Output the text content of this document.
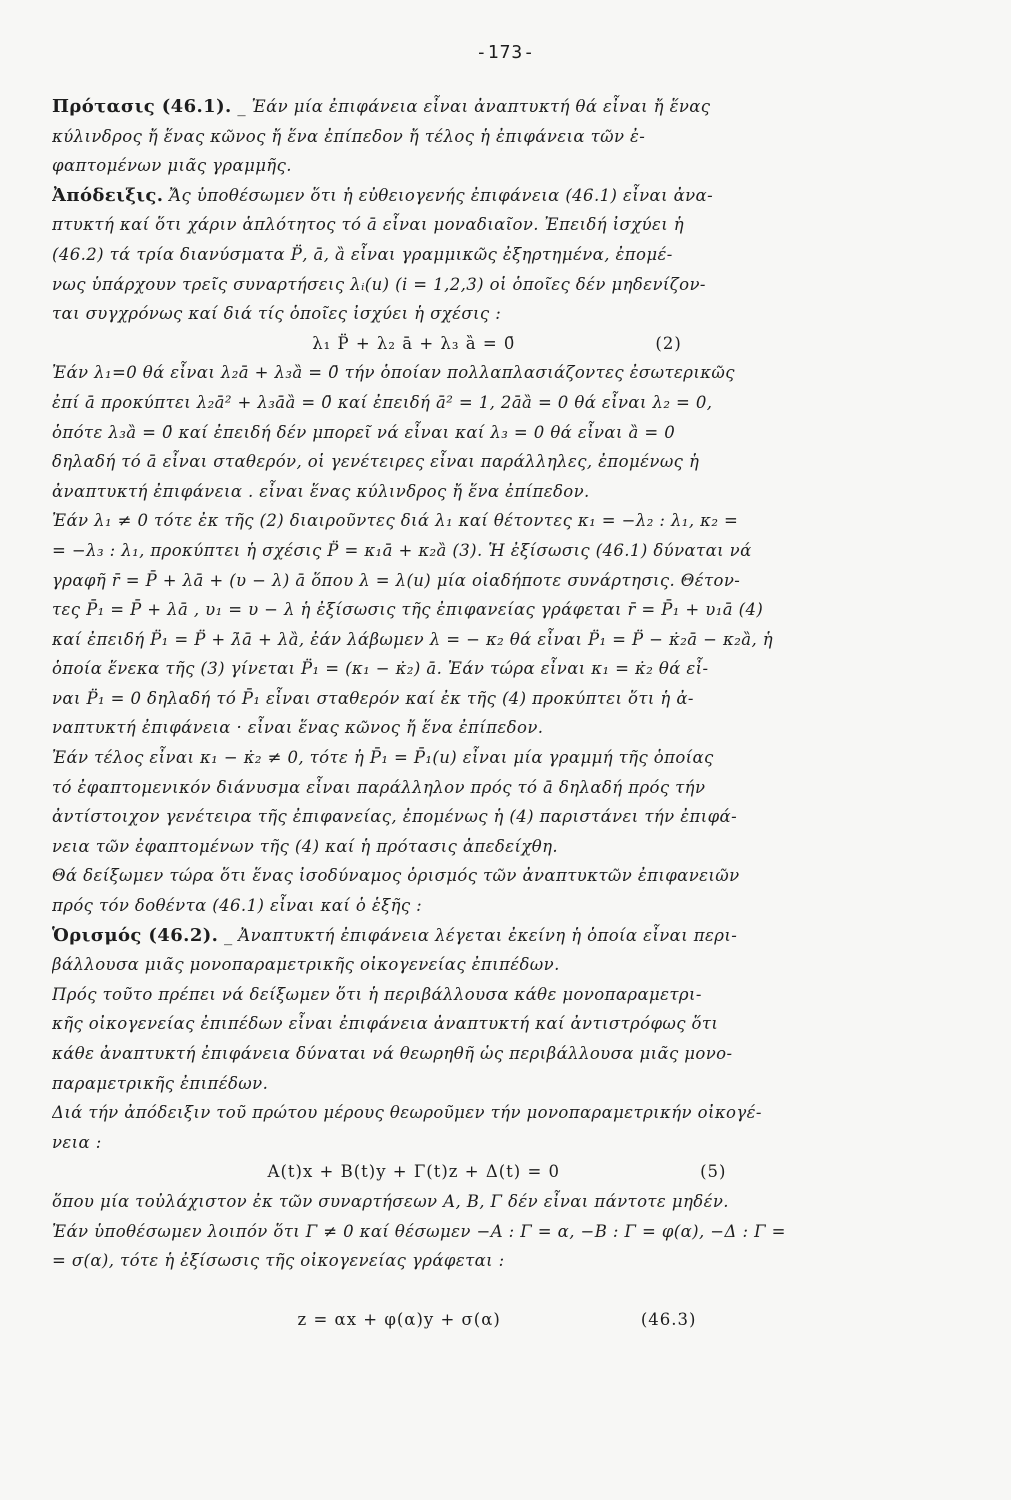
-173-
Πρότασις (46.1). _ Ἐάν μία ἐπιφάνεια εἶναι ἀναπτυκτή θά εἶναι ἤ ἕνας
κύλινδρος ἤ ἕνας κῶνος ἤ ἕνα ἐπίπεδον ἤ τέλος ἡ ἐπιφάνεια τῶν ἐ-
φαπτομένων μιᾶς γραμμῆς.
Ἀπόδειξις. Ἄς ὑποθέσωμεν ὅτι ἡ εὐθειογενής ἐπιφάνεια (46.1) εἶναι ἀνα-
πτυκτή καί ὅτι χάριν ἁπλότητος τό ā εἶναι μοναδιαῖον. Ἐπειδή ἰσχύει ἡ
(46.2) τά τρία διανύσματα P̈, ā, ȁ εἶναι γραμμικῶς ἐξηρτημένα, ἐπομέ-
νως ὑπάρχουν τρεῖς συναρτήσεις λᵢ(u) (i = 1,2,3) οἱ ὁποῖες δέν μηδενίζον-
ται συγχρόνως καί διά τίς ὁποῖες ἰσχύει ἡ σχέσις :
λ₁ P̈ + λ₂ ā + λ₃ ȁ = 0̄	(2)
Ἐάν λ₁=0 θά εἶναι λ₂ā + λ₃ȁ = 0̄ τήν ὁποίαν πολλαπλασιάζοντες ἐσωτερικῶς
ἐπί ā προκύπτει λ₂ā² + λ₃āȁ = 0̄ καί ἐπειδή ā² = 1, 2āȁ = 0 θά εἶναι λ₂ = 0,
ὁπότε λ₃ȁ = 0̄ καί ἐπειδή δέν μπορεῖ νά εἶναι καί λ₃ = 0 θά εἶναι ȁ = 0
δηλαδή τό ā εἶναι σταθερόν, οἱ γενέτειρες εἶναι παράλληλες, ἐπομένως ἡ
ἀναπτυκτή ἐπιφάνεια . εἶναι ἕνας κύλινδρος ἤ ἕνα ἐπίπεδον.
Ἐάν λ₁ ≠ 0 τότε ἐκ τῆς (2) διαιροῦντες διά λ₁ καί θέτοντες κ₁ = −λ₂ : λ₁, κ₂ =
= −λ₃ : λ₁, προκύπτει ἡ σχέσις P̈ = κ₁ā + κ₂ȁ (3). Ἡ ἐξίσωσις (46.1) δύναται νά
γραφῆ r̄ = P̄ + λā + (υ − λ) ā ὅπου λ = λ(u) μία οἱαδήποτε συνάρτησις. Θέτον-
τες P̄₁ = P̄ + λā , υ₁ = υ − λ ἡ ἐξίσωσις τῆς ἐπιφανείας γράφεται r̄ = P̄₁ + υ₁ā (4)
καί ἐπειδή P̈₁ = P̈ + λ̇ā + λȁ, ἐάν λάβωμεν λ = − κ₂ θά εἶναι P̈₁ = P̈ − κ̇₂ā − κ₂ȁ, ἡ
ὁποία ἕνεκα τῆς (3) γίνεται P̈₁ = (κ₁ − κ̇₂) ā. Ἐάν τώρα εἶναι κ₁ = κ̇₂ θά εἶ-
ναι P̈₁ = 0 δηλαδή τό P̄₁ εἶναι σταθερόν καί ἐκ τῆς (4) προκύπτει ὅτι ἡ ἀ-
ναπτυκτή ἐπιφάνεια · εἶναι ἕνας κῶνος ἤ ἕνα ἐπίπεδον.
Ἐάν τέλος εἶναι κ₁ − κ̇₂ ≠ 0, τότε ἡ P̄₁ = P̄₁(u) εἶναι μία γραμμή τῆς ὁποίας
τό ἐφαπτομενικόν διάνυσμα εἶναι παράλληλον πρός τό ā δηλαδή πρός τήν
ἀντίστοιχον γενέτειρα τῆς ἐπιφανείας, ἐπομένως ἡ (4) παριστάνει τήν ἐπιφά-
νεια τῶν ἐφαπτομένων τῆς (4) καί ἡ πρότασις ἀπεδείχθη.
Θά δείξωμεν τώρα ὅτι ἕνας ἰσοδύναμος ὁρισμός τῶν ἀναπτυκτῶν ἐπιφανειῶν
πρός τόν δοθέντα (46.1) εἶναι καί ὁ ἑξῆς :
Ὁρισμός (46.2). _ Ἀναπτυκτή ἐπιφάνεια λέγεται ἐκείνη ἡ ὁποία εἶναι περι-
βάλλουσα μιᾶς μονοπαραμετρικῆς οἰκογενείας ἐπιπέδων.
Πρός τοῦτο πρέπει νά δείξωμεν ὅτι ἡ περιβάλλουσα κάθε μονοπαραμετρι-
κῆς οἰκογενείας ἐπιπέδων εἶναι ἐπιφάνεια ἀναπτυκτή καί ἀντιστρόφως ὅτι
κάθε ἀναπτυκτή ἐπιφάνεια δύναται νά θεωρηθῆ ὡς περιβάλλουσα μιᾶς μονο-
παραμετρικῆς ἐπιπέδων.
Διά τήν ἀπόδειξιν τοῦ πρώτου μέρους θεωροῦμεν τήν μονοπαραμετρικήν οἰκογέ-
νεια :
A(t)x + B(t)y + Γ(t)z + Δ(t) = 0	(5)
ὅπου μία τοὐλάχιστον ἐκ τῶν συναρτήσεων A, B, Γ δέν εἶναι πάντοτε μηδέν.
Ἐάν ὑποθέσωμεν λοιπόν ὅτι Γ ≠ 0 καί θέσωμεν −A : Γ = α, −B : Γ = φ(α), −Δ : Γ =
= σ(α), τότε ἡ ἐξίσωσις τῆς οἰκογενείας γράφεται :
z = αx + φ(α)y + σ(α)	(46.3)
